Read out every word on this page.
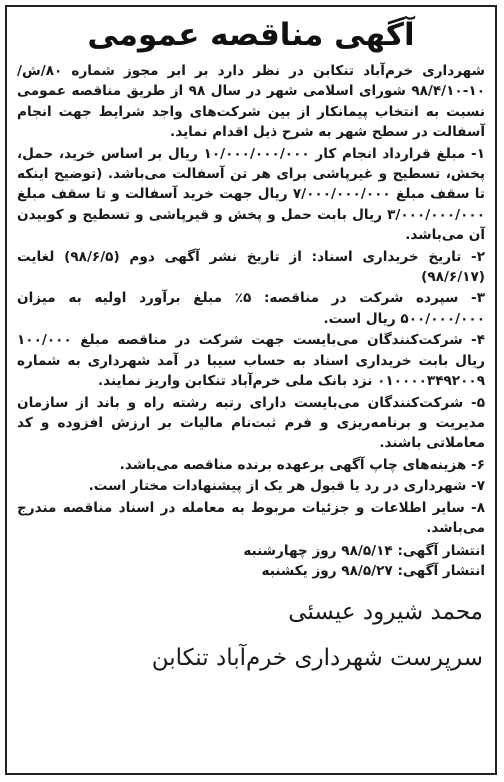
آگهی مناقصه عمومی
شهرداری خرم‌آباد تنکابن در نظر دارد بر ابر مجوز شماره ۸۰/ش/۱۰-۹۸/۴/۱۰ شورای اسلامی شهر در سال ۹۸ از طریق مناقصه عمومی نسبت به انتخاب پیمانکار از بین شرکت‌های واجد شرایط جهت انجام آسفالت در سطح شهر به شرح ذیل اقدام نماید.
۱- مبلغ قرارداد انجام کار ۱۰/۰۰۰/۰۰۰/۰۰۰ ریال بر اساس خرید، حمل، پخش، تسطیح و غیرپاشی برای هر تن آسفالت می‌باشد. (توضیح اینکه تا سقف مبلغ ۷/۰۰۰/۰۰۰/۰۰۰ ریال جهت خرید آسفالت و تا سقف مبلغ ۳/۰۰۰/۰۰۰/۰۰۰ ریال بابت حمل و پخش و قیرپاشی و تسطیح و کوبیدن آن می‌باشد.
۲- تاریخ خریداری اسناد: از تاریخ نشر آگهی دوم (۹۸/۶/۵) لغایت (۹۸/۶/۱۷)
۳- سپرده شرکت در مناقصه: ۵٪ مبلغ برآورد اولیه به میزان ۵۰۰/۰۰۰/۰۰۰ ریال است.
۴- شرکت‌کنندگان می‌بایست جهت شرکت در مناقصه مبلغ ۱۰۰/۰۰۰ ریال بابت خریداری اسناد به حساب سیبا در آمد شهرداری به شماره ۰۱۰۰۰۰۳۴۹۲۰۰۹ نزد بانک ملی خرم‌آباد تنکابن واریز نمایند.
۵- شرکت‌کنندگان می‌بایست دارای رتبه رشته راه و باند از سازمان مدیریت و برنامه‌ریزی و فرم ثبت‌نام مالیات بر ارزش افزوده و کد معاملاتی باشند.
۶- هزینه‌های چاپ آگهی برعهده برنده مناقصه می‌باشد.
۷- شهرداری در رد یا قبول هر یک از پیشنهادات مختار است.
۸- سایر اطلاعات و جزئیات مربوط به معامله در اسناد مناقصه مندرج می‌باشد.
انتشار آگهی: ۹۸/۵/۱۴ روز چهارشنبه
انتشار آگهی: ۹۸/۵/۲۷ روز یکشنبه
محمد شیرود عیسئی
سرپرست شهرداری خرم‌آباد تنکابن
